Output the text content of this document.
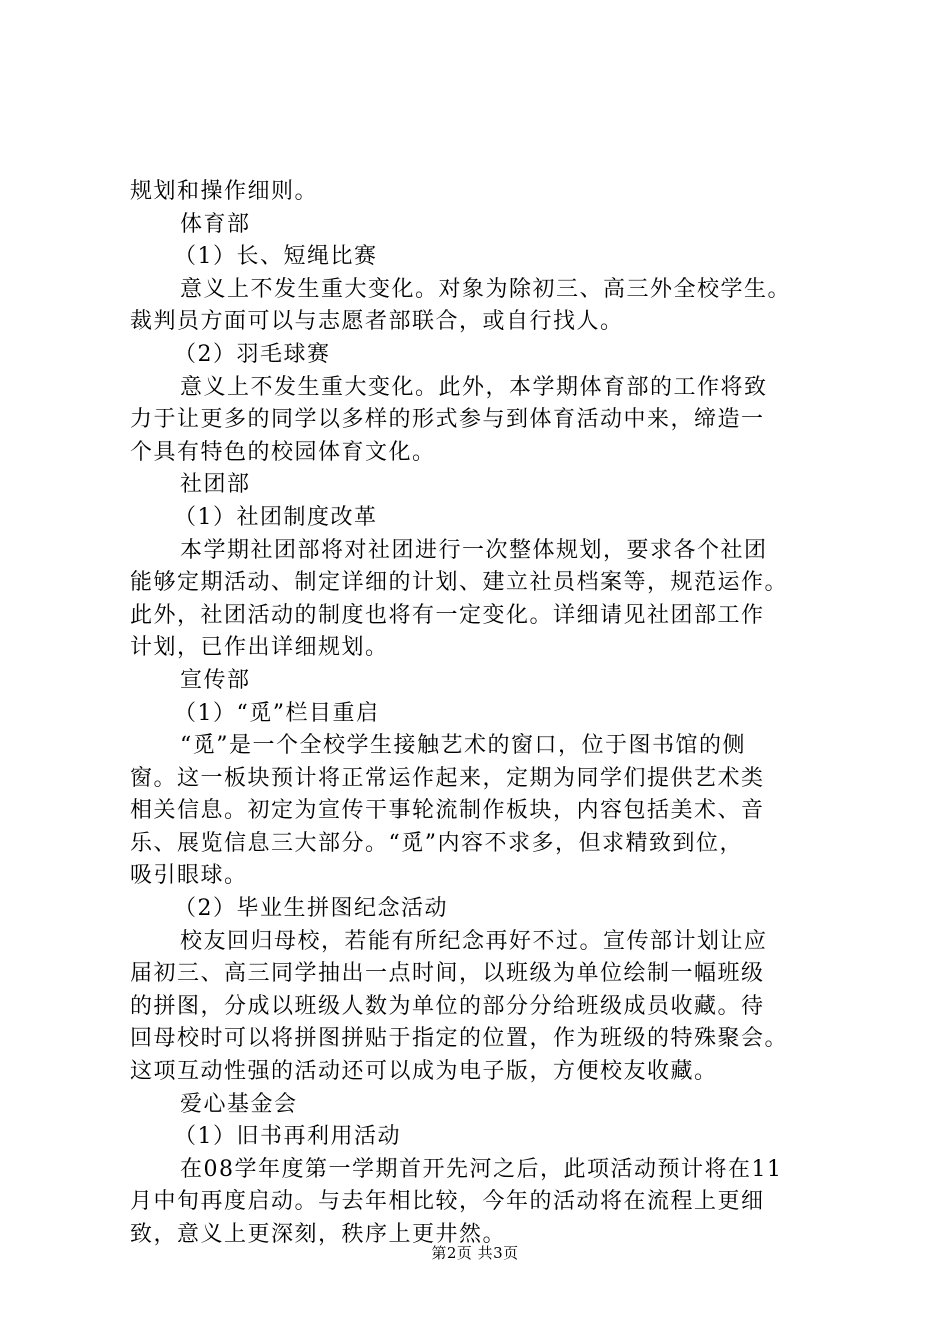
规划和操作细则。
体育部
（1）长、短绳比赛
意义上不发生重大变化。对象为除初三、高三外全校学生。
裁判员方面可以与志愿者部联合，或自行找人。
（2）羽毛球赛
意义上不发生重大变化。此外，本学期体育部的工作将致
力于让更多的同学以多样的形式参与到体育活动中来，缔造一
个具有特色的校园体育文化。
社团部
（1）社团制度改革
本学期社团部将对社团进行一次整体规划，要求各个社团
能够定期活动、制定详细的计划、建立社员档案等，规范运作。
此外，社团活动的制度也将有一定变化。详细请见社团部工作
计划，已作出详细规划。
宣传部
（1）“觅”栏目重启
“觅”是一个全校学生接触艺术的窗口，位于图书馆的侧
窗。这一板块预计将正常运作起来，定期为同学们提供艺术类
相关信息。初定为宣传干事轮流制作板块，内容包括美术、音
乐、展览信息三大部分。“觅”内容不求多，但求精致到位，
吸引眼球。
（2）毕业生拼图纪念活动
校友回归母校，若能有所纪念再好不过。宣传部计划让应
届初三、高三同学抽出一点时间，以班级为单位绘制一幅班级
的拼图，分成以班级人数为单位的部分分给班级成员收藏。待
回母校时可以将拼图拼贴于指定的位置，作为班级的特殊聚会。
这项互动性强的活动还可以成为电子版，方便校友收藏。
爱心基金会
（1）旧书再利用活动
在08学年度第一学期首开先河之后，此项活动预计将在11
月中旬再度启动。与去年相比较，今年的活动将在流程上更细
致，意义上更深刻，秩序上更井然。
第2页 共3页
